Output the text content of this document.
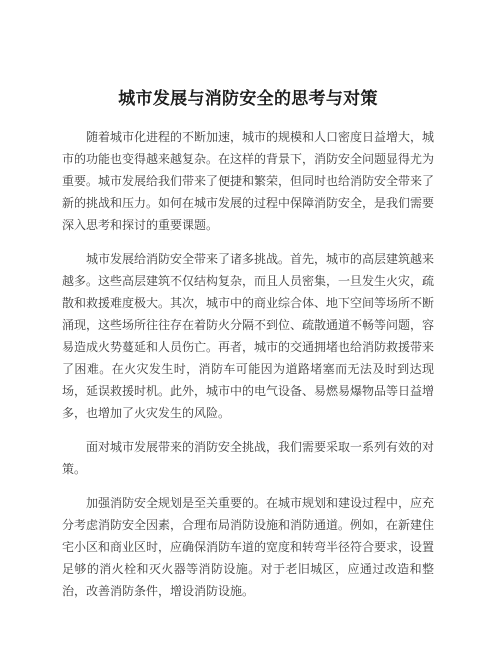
城市发展与消防安全的思考与对策

随着城市化进程的不断加速，城市的规模和人口密度日益增大，城市的功能也变得越来越复杂。在这样的背景下，消防安全问题显得尤为重要。城市发展给我们带来了便捷和繁荣，但同时也给消防安全带来了新的挑战和压力。如何在城市发展的过程中保障消防安全，是我们需要深入思考和探讨的重要课题。

城市发展给消防安全带来了诸多挑战。首先，城市的高层建筑越来越多。这些高层建筑不仅结构复杂，而且人员密集，一旦发生火灾，疏散和救援难度极大。其次，城市中的商业综合体、地下空间等场所不断涌现，这些场所往往存在着防火分隔不到位、疏散通道不畅等问题，容易造成火势蔓延和人员伤亡。再者，城市的交通拥堵也给消防救援带来了困难。在火灾发生时，消防车可能因为道路堵塞而无法及时到达现场，延误救援时机。此外，城市中的电气设备、易燃易爆物品等日益增多，也增加了火灾发生的风险。

面对城市发展带来的消防安全挑战，我们需要采取一系列有效的对策。

加强消防安全规划是至关重要的。在城市规划和建设过程中，应充分考虑消防安全因素，合理布局消防设施和消防通道。例如，在新建住宅小区和商业区时，应确保消防车道的宽度和转弯半径符合要求，设置足够的消火栓和灭火器等消防设施。对于老旧城区，应通过改造和整治，改善消防条件，增设消防设施。
